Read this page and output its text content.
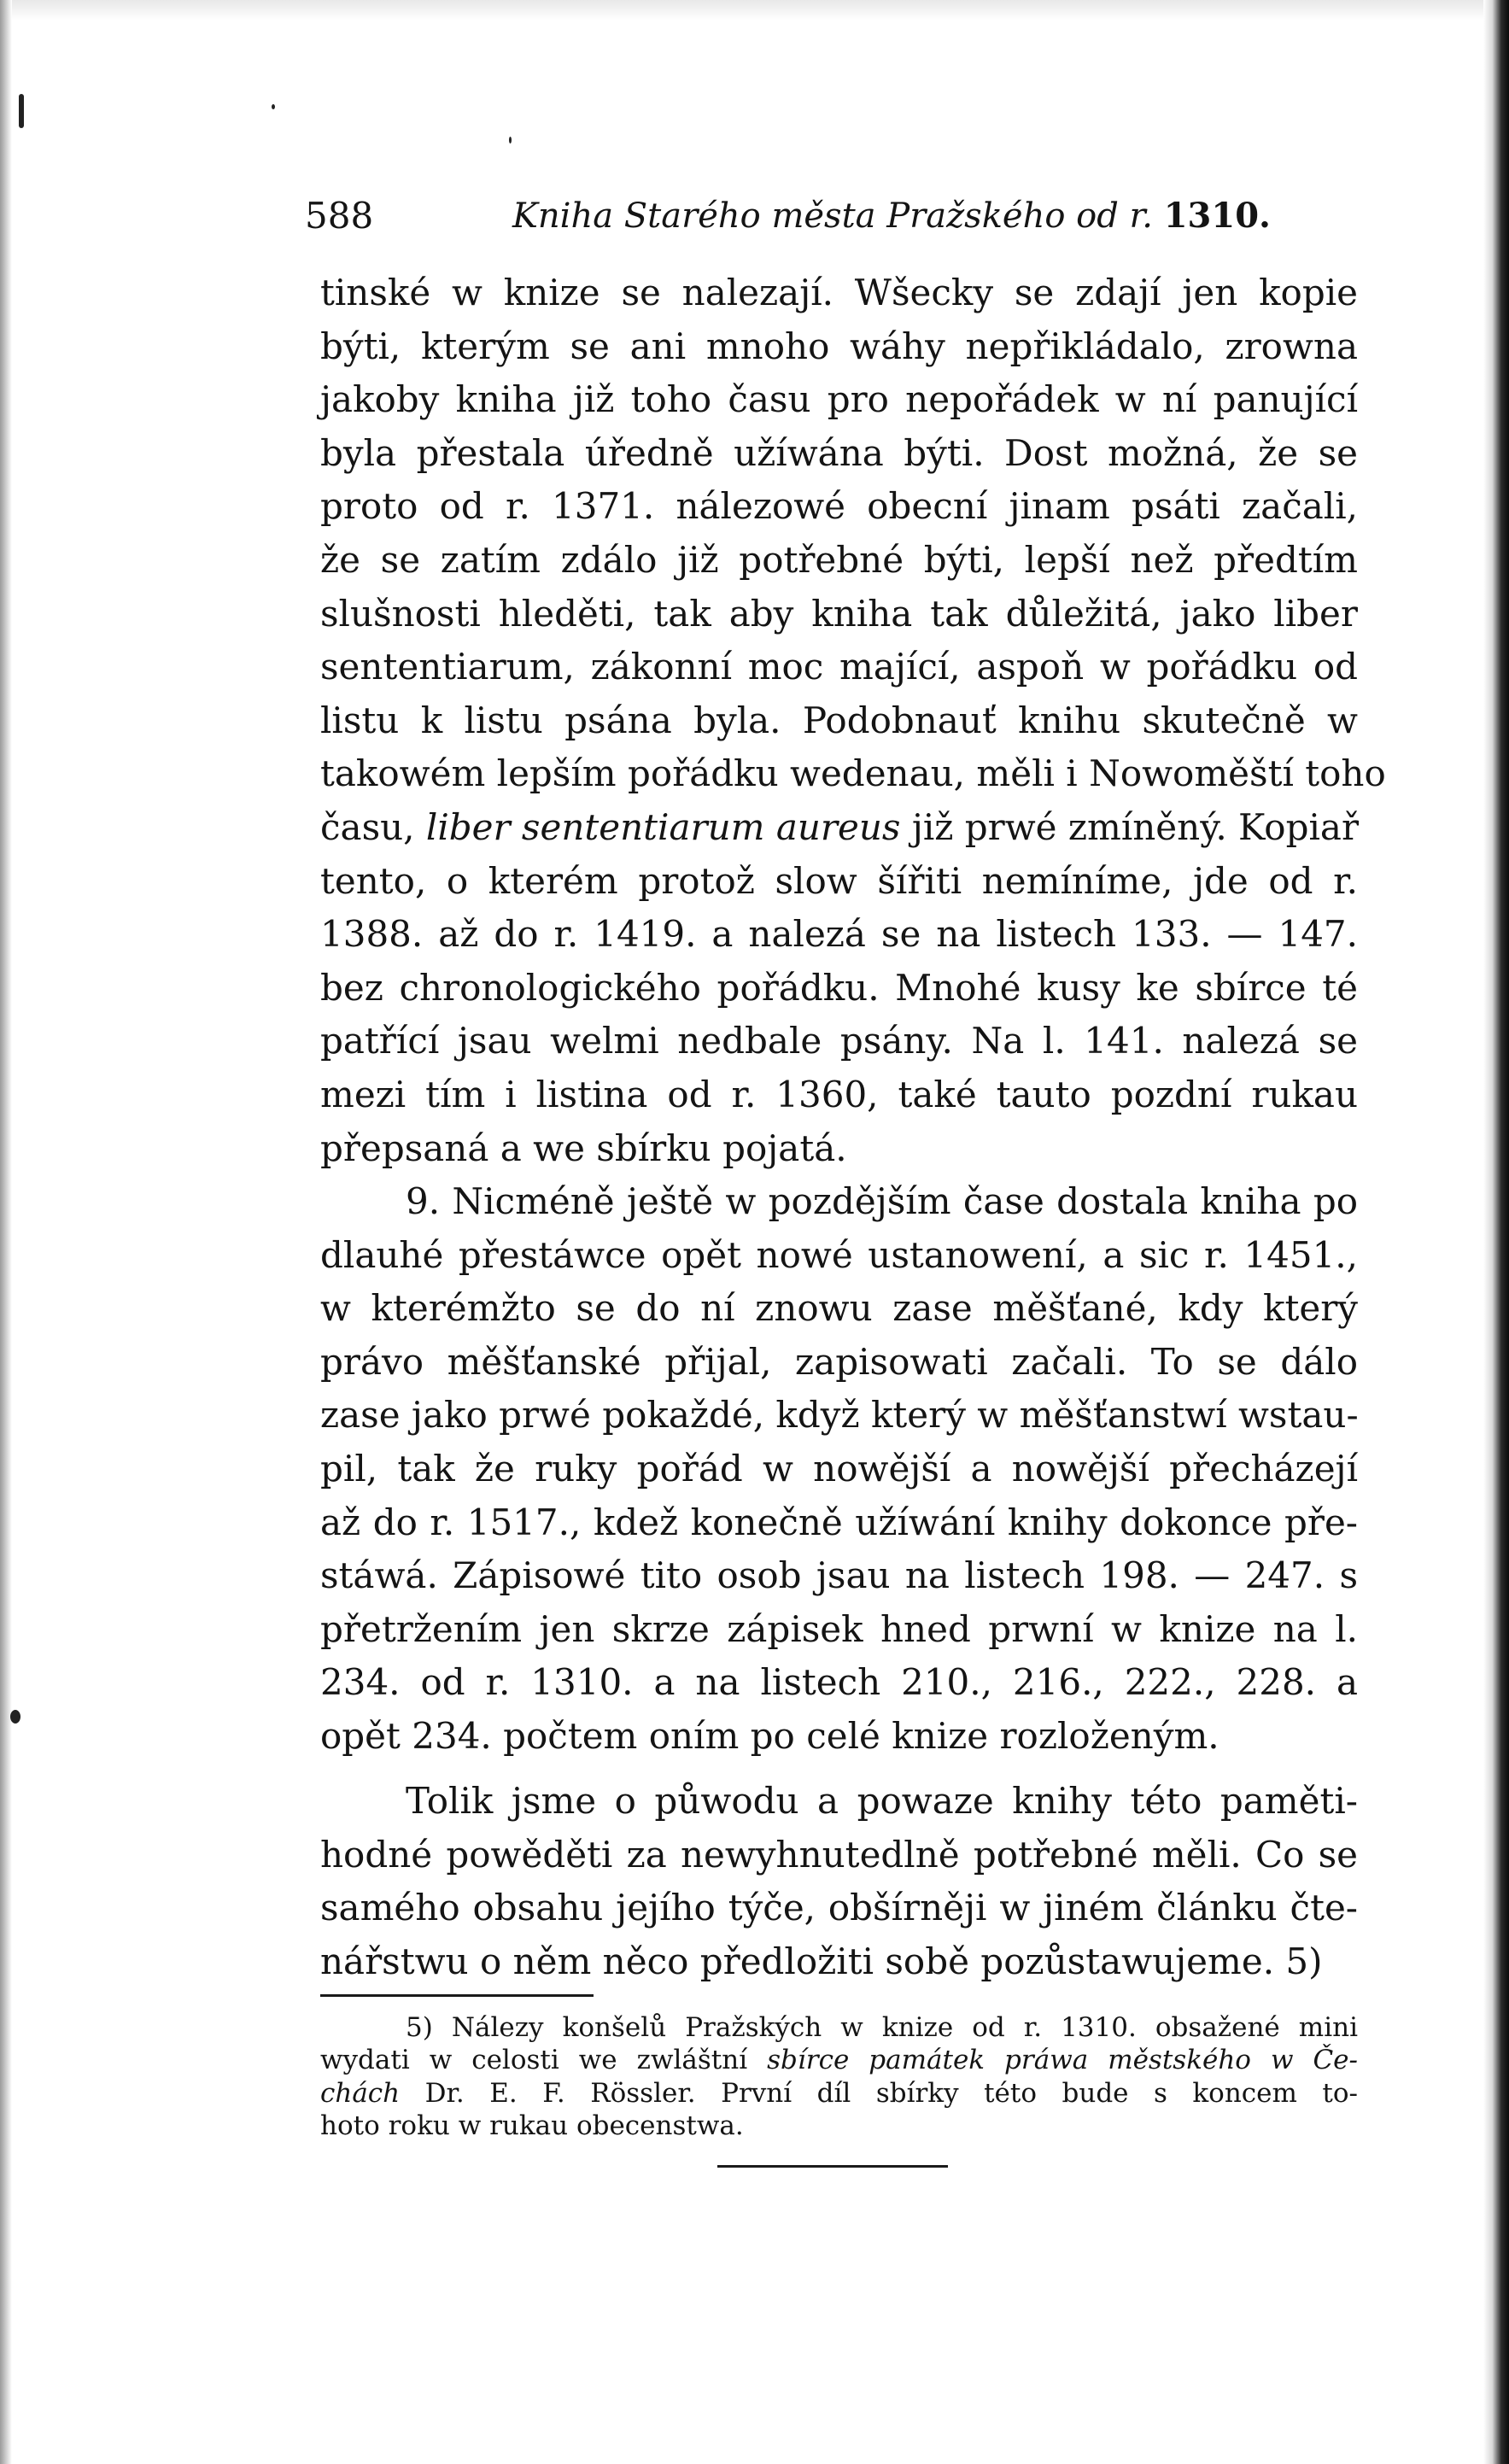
588	Kniha Starého města Pražského od r. 1310.
tinské w knize se nalezají. Wšecky se zdají jen kopie
býti, kterým se ani mnoho wáhy nepřikládalo, zrowna
jakoby kniha již toho času pro nepořádek w ní panující
byla přestala úředně užíwána býti. Dost možná, že se
proto od r. 1371. nálezowé obecní jinam psáti začali,
že se zatím zdálo již potřebné býti, lepší než předtím
slušnosti hleděti, tak aby kniha tak důležitá, jako liber
sententiarum, zákonní moc mající, aspoň w pořádku od
listu k listu psána byla. Podobnauť knihu skutečně w
takowém lepším pořádku wedenau, měli i Nowoměští toho
času, liber sententiarum aureus již prwé zmíněný. Kopiař
tento, o kterém protož slow šířiti nemíníme, jde od r.
1388. až do r. 1419. a nalezá se na listech 133. — 147.
bez chronologického pořádku. Mnohé kusy ke sbírce té
patřící jsau welmi nedbale psány. Na l. 141. nalezá se
mezi tím i listina od r. 1360, také tauto pozdní rukau
přepsaná a we sbírku pojatá.
9. Nicméně ještě w pozdějším čase dostala kniha po
dlauhé přestáwce opět nowé ustanowení, a sic r. 1451.,
w kterémžto se do ní znowu zase měšťané, kdy který
právo měšťanské přijal, zapisowati začali. To se dálo
zase jako prwé pokaždé, když který w měšťanstwí wstau-
pil, tak že ruky pořád w nowější a nowější přecházejí
až do r. 1517., kdež konečně užíwání knihy dokonce pře-
stáwá. Zápisowé tito osob jsau na listech 198. — 247. s
přetržením jen skrze zápisek hned prwní w knize na l.
234. od r. 1310. a na listech 210., 216., 222., 228. a
opět 234. počtem oním po celé knize rozloženým.
Tolik jsme o půwodu a powaze knihy této paměti-
hodné powěděti za newyhnutedlně potřebné měli. Co se
samého obsahu jejího týče, obšírněji w jiném článku čte-
nářstwu o něm něco předložiti sobě pozůstawujeme. 5)
5) Nálezy konšelů Pražských w knize od r. 1310. obsažené mini
wydati w celosti we zwláštní sbírce památek práwa městského w Če-
chách Dr. E. F. Rössler. První díl sbírky této bude s koncem to-
hoto roku w rukau obecenstwa.
